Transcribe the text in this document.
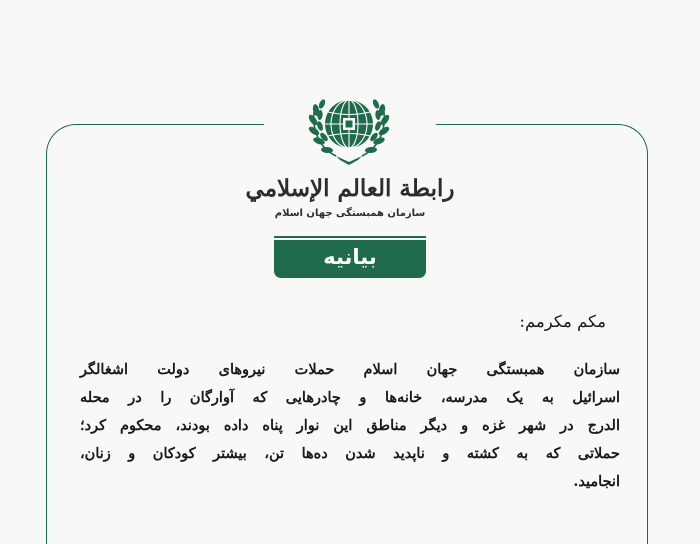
رابطة العالم الإسلامي
سازمان همبستگی جهان اسلام
بیانیه
مکم مکرمم:
سازمان همبستگی جهان اسلام حملات نیروهای دولت اشغالگر
اسرائیل به یک مدرسه، خانه‌ها و چادرهایی که آوارگان را در محله
الدرج در شهر غزه و دیگر مناطق این نوار پناه داده بودند، محکوم کرد؛
حملاتی که به کشته و ناپدید شدن ده‌ها تن، بیشتر کودکان و زنان،
انجامید.
